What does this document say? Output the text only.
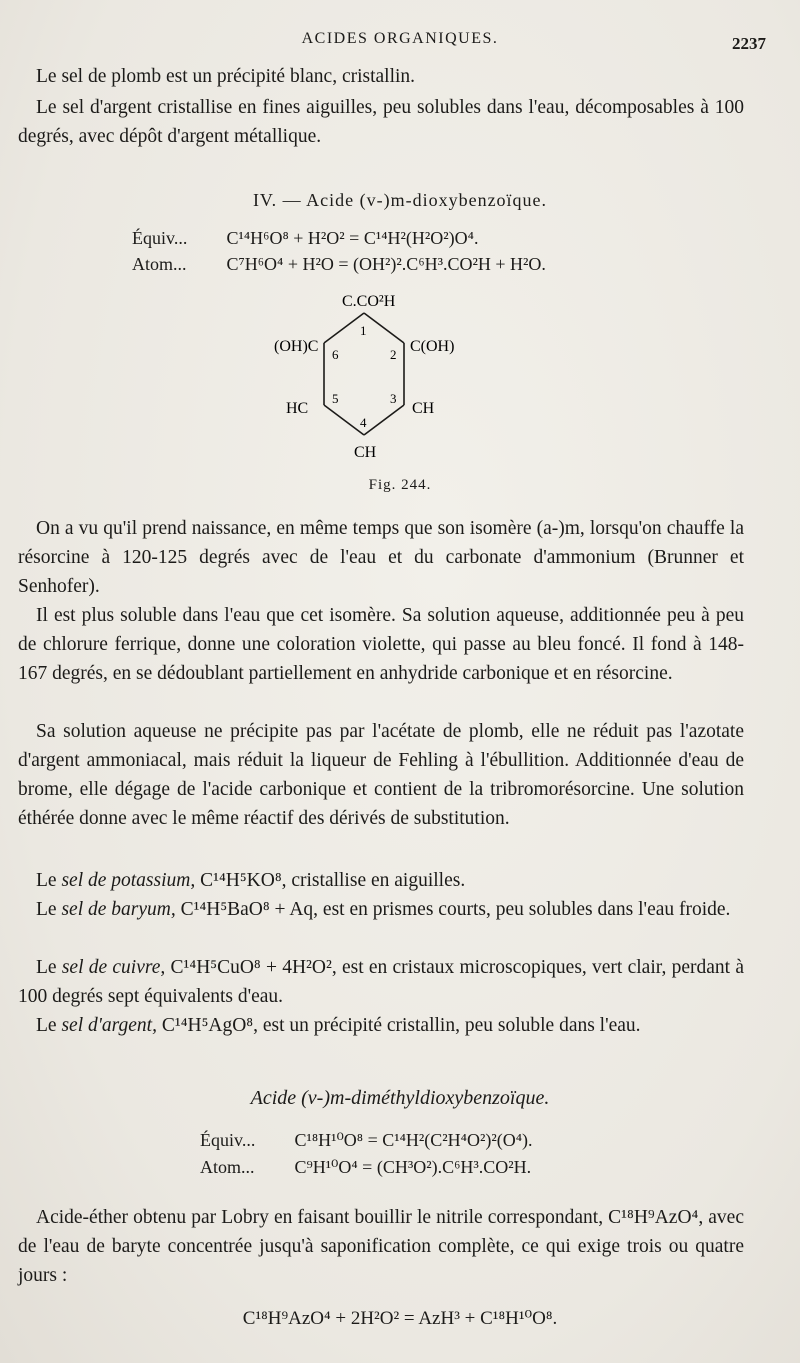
ACIDES ORGANIQUES.	2237
Le sel de plomb est un précipité blanc, cristallin.
Le sel d'argent cristallise en fines aiguilles, peu solubles dans l'eau, décomposables à 100 degrés, avec dépôt d'argent métallique.
IV. — Acide (v-)m-dioxybenzoïque.
Équiv... C¹⁴H⁶O⁸ + H²O² = C¹⁴H²(H²O²)O⁴.
Atom... C⁷H⁶O⁴ + H²O = (OH²)².C⁶H³.CO²H + H²O.
C.CO²H
(OH)C	C(OH)
HC	CH
CH
1
2
3
4
5
6
Fig. 244.
On a vu qu'il prend naissance, en même temps que son isomère (a-)m, lorsqu'on chauffe la résorcine à 120-125 degrés avec de l'eau et du carbonate d'ammonium (Brunner et Senhofer).
Il est plus soluble dans l'eau que cet isomère. Sa solution aqueuse, additionnée peu à peu de chlorure ferrique, donne une coloration violette, qui passe au bleu foncé. Il fond à 148-167 degrés, en se dédoublant partiellement en anhydride carbonique et en résorcine.
Sa solution aqueuse ne précipite pas par l'acétate de plomb, elle ne réduit pas l'azotate d'argent ammoniacal, mais réduit la liqueur de Fehling à l'ébullition. Additionnée d'eau de brome, elle dégage de l'acide carbonique et contient de la tribromorésorcine. Une solution éthérée donne avec le même réactif des dérivés de substitution.
Le sel de potassium, C¹⁴H⁵KO⁸, cristallise en aiguilles.
Le sel de baryum, C¹⁴H⁵BaO⁸ + Aq, est en prismes courts, peu solubles dans l'eau froide.
Le sel de cuivre, C¹⁴H⁵CuO⁸ + 4H²O², est en cristaux microscopiques, vert clair, perdant à 100 degrés sept équivalents d'eau.
Le sel d'argent, C¹⁴H⁵AgO⁸, est un précipité cristallin, peu soluble dans l'eau.
Acide (v-)m-diméthyldioxybenzoïque.
Équiv... C¹⁸H¹⁰O⁸ = C¹⁴H²(C²H⁴O²)²(O⁴).
Atom... C⁹H¹⁰O⁴ = (CH³O²).C⁶H³.CO²H.
Acide-éther obtenu par Lobry en faisant bouillir le nitrile correspondant, C¹⁸H⁹AzO⁴, avec de l'eau de baryte concentrée jusqu'à saponification complète, ce qui exige trois ou quatre jours :
C¹⁸H⁹AzO⁴ + 2H²O² = AzH³ + C¹⁸H¹⁰O⁸.
